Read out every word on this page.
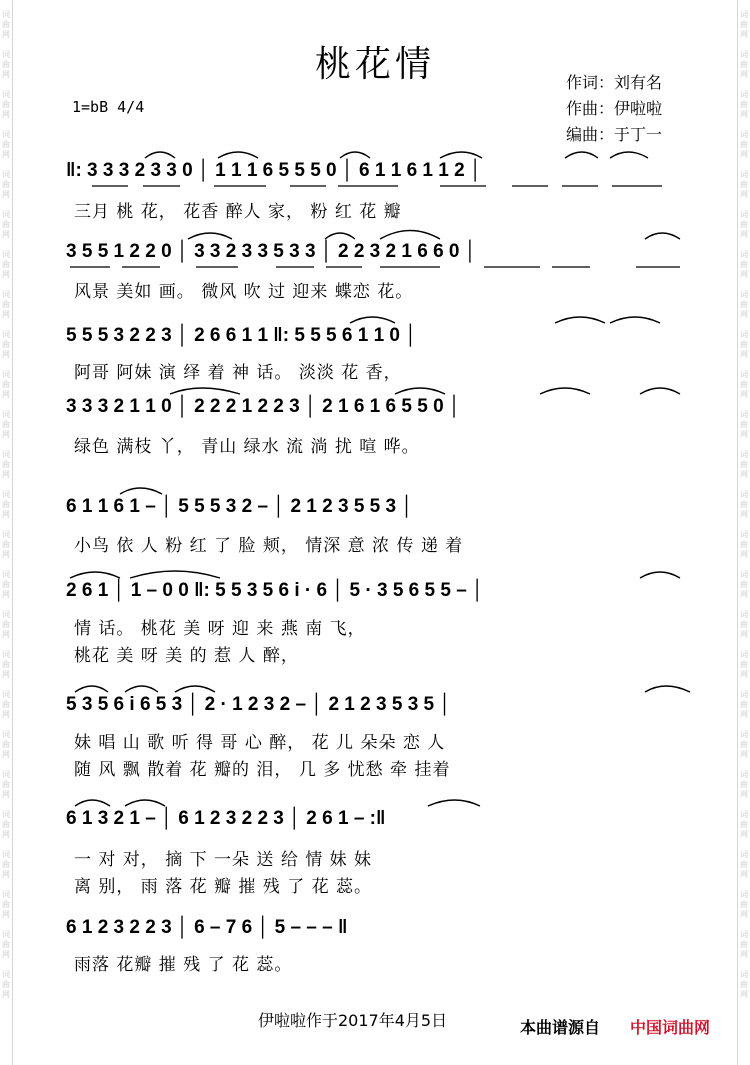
词曲网
词曲网
词曲网
词曲网
词曲网
词曲网
词曲网
词曲网
词曲网
词曲网
词曲网
词曲网
词曲网
词曲网
词曲网
词曲网
词曲网
词曲网
词曲网
词曲网
词曲网
词曲网
词曲网
词曲网
词曲网
词曲网
词曲网
词曲网
词曲网
词曲网
词曲网
词曲网
词曲网
词曲网
词曲网
词曲网
词曲网
词曲网
词曲网
词曲网
词曲网
词曲网
词曲网
词曲网
词曲网
词曲网
词曲网
词曲网
词曲网
词曲网
桃花情
1=bB 4/4
作词：刘有名
作曲：伊啦啦
编曲：于丁一
‖: 3 3 3 2 3 3 0 │ 1 1 1 6 5 5 5 0 │ 6 1 1 6 1 1 2 │
三月 桃 花， 花香 醉人 家， 粉 红 花 瓣
3 5 5 1 2 2 0 │ 3 3 2 3 3 5 3 3 │ 2 2 3 2 1 6 6 0 │
风景 美如 画。 微风 吹 过 迎来 蝶恋 花。
5 5 5 3 2 2 3 │ 2 6 6 1 1 ‖: 5 5 5 6 1 1 0 │
阿哥 阿妹 演 绎 着 神 话。 淡淡 花 香，
3 3 3 2 1 1 0 │ 2 2 2 1 2 2 3 │ 2 1 6 1 6 5 5 0 │
绿色 满枝 丫， 青山 绿水 流 淌 扰 喧 哗。
6 1 1 6 1 – │ 5 5 5 3 2 – │ 2 1 2 3 5 5 3 │
小鸟 依 人 粉 红 了 脸 颊， 情深 意 浓 传 递 着
2 6 1 │ 1 – 0 0 ‖: 5 5 3 5 6 i · 6 │ 5 · 3 5 6 5 5 – │
情 话。 桃花 美 呀 迎 来 燕 南 飞，
桃花 美 呀 美 的 惹 人 醉，
5 3 5 6 i 6 5 3 │ 2 · 1 2 3 2 – │ 2 1 2 3 5 3 5 │
妹 唱 山 歌 听 得 哥 心 醉， 花 儿 朵朵 恋 人
随 风 飘 散着 花 瓣的 泪， 几 多 忧愁 牵 挂着
6 1 3 2 1 – │ 6 1 2 3 2 2 3 │ 2 6 1 – :‖
一 对 对， 摘 下 一朵 送 给 情 妹 妹
离 别， 雨 落 花 瓣 摧 残 了 花 蕊。
6 1 2 3 2 2 3 │ 6 – 7 6 │ 5 – – – ‖
雨落 花瓣 摧 残 了 花 蕊。
伊啦啦作于2017年4月5日	本曲谱源自 中国词曲网
